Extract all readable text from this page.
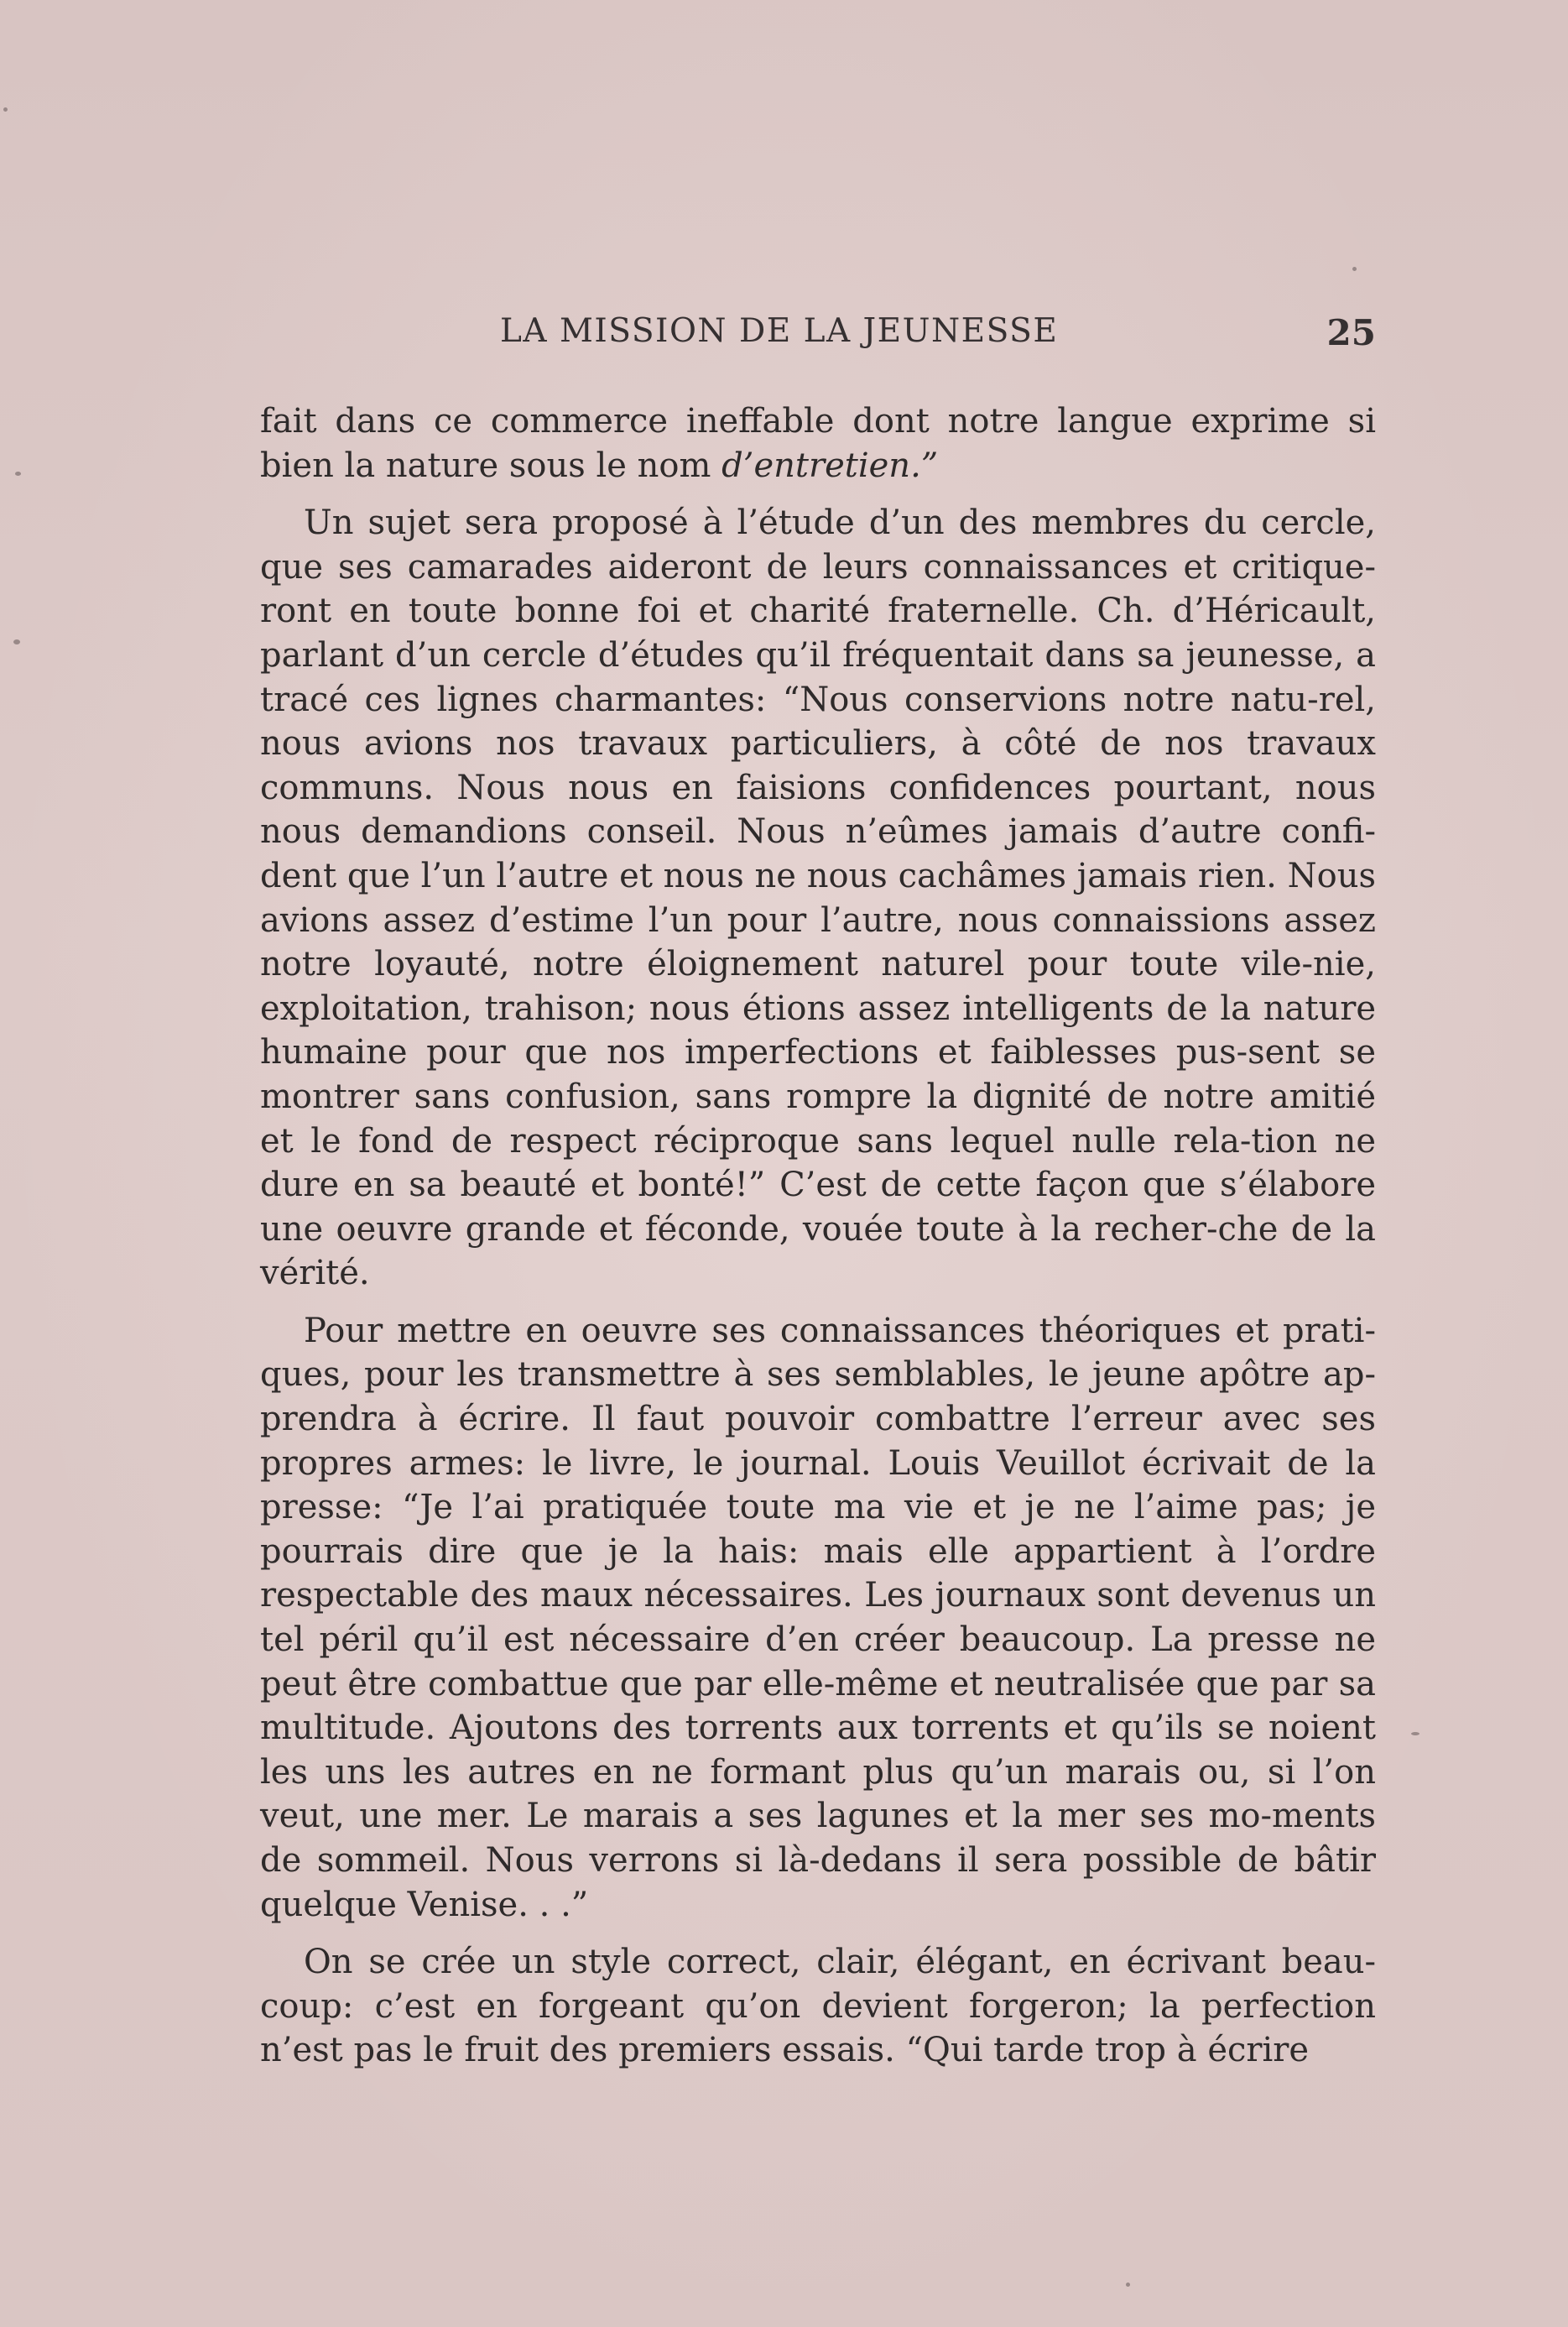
LA MISSION DE LA JEUNESSE	25

fait dans ce commerce ineffable dont notre langue exprime si
bien la nature sous le nom d’entretien.”

Un sujet sera proposé à l’étude d’un des membres du cercle, que ses camarades aideront de leurs connaissances et critique-ront en toute bonne foi et charité fraternelle. Ch. d’Héricault, parlant d’un cercle d’études qu’il fréquentait dans sa jeunesse, a tracé ces lignes charmantes: “Nous conservions notre natu-rel, nous avions nos travaux particuliers, à côté de nos travaux communs. Nous nous en faisions confidences pourtant, nous nous demandions conseil. Nous n’eûmes jamais d’autre confi-dent que l’un l’autre et nous ne nous cachâmes jamais rien. Nous avions assez d’estime l’un pour l’autre, nous connaissions assez notre loyauté, notre éloignement naturel pour toute vile-nie, exploitation, trahison; nous étions assez intelligents de la nature humaine pour que nos imperfections et faiblesses pus-sent se montrer sans confusion, sans rompre la dignité de notre amitié et le fond de respect réciproque sans lequel nulle rela-tion ne dure en sa beauté et bonté!” C’est de cette façon que s’élabore une oeuvre grande et féconde, vouée toute à la recher-che de la vérité.

Pour mettre en oeuvre ses connaissances théoriques et prati-ques, pour les transmettre à ses semblables, le jeune apôtre ap-prendra à écrire. Il faut pouvoir combattre l’erreur avec ses propres armes: le livre, le journal. Louis Veuillot écrivait de la presse: “Je l’ai pratiquée toute ma vie et je ne l’aime pas; je pourrais dire que je la hais: mais elle appartient à l’ordre respectable des maux nécessaires. Les journaux sont devenus un tel péril qu’il est nécessaire d’en créer beaucoup. La presse ne peut être combattue que par elle-même et neutralisée que par sa multitude. Ajoutons des torrents aux torrents et qu’ils se noient les uns les autres en ne formant plus qu’un marais ou, si l’on veut, une mer. Le marais a ses lagunes et la mer ses mo-ments de sommeil. Nous verrons si là-dedans il sera possible de bâtir quelque Venise. . .”

On se crée un style correct, clair, élégant, en écrivant beau-coup: c’est en forgeant qu’on devient forgeron; la perfection n’est pas le fruit des premiers essais. “Qui tarde trop à écrire
